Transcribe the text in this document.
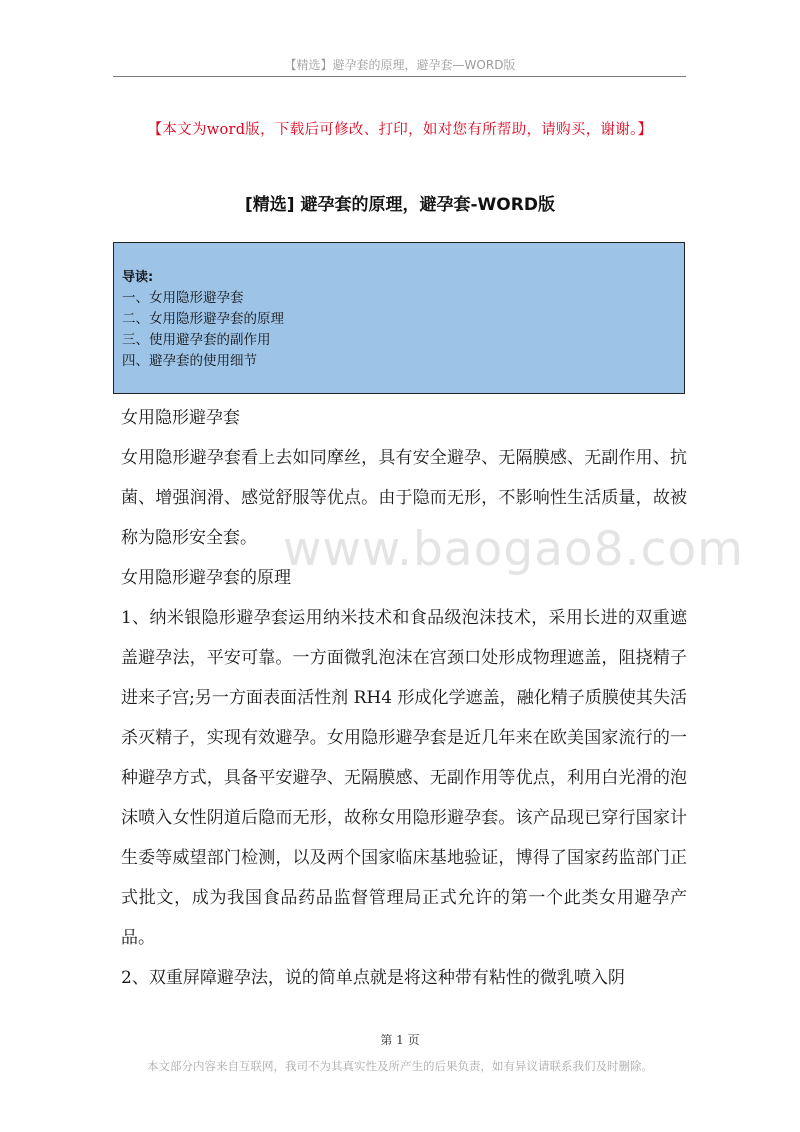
【精选】避孕套的原理，避孕套—WORD版
【本文为word版，下载后可修改、打印，如对您有所帮助，请购买，谢谢。】
[精选] 避孕套的原理，避孕套-WORD版
导读:
一、女用隐形避孕套
二、女用隐形避孕套的原理
三、使用避孕套的副作用
四、避孕套的使用细节
女用隐形避孕套

女用隐形避孕套看上去如同摩丝，具有安全避孕、无隔膜感、无副作用、抗菌、增强润滑、感觉舒服等优点。由于隐而无形，不影响性生活质量，故被称为隐形安全套。

女用隐形避孕套的原理

1、纳米银隐形避孕套运用纳米技术和食品级泡沫技术，采用长进的双重遮盖避孕法，平安可靠。一方面微乳泡沫在宫颈口处形成物理遮盖，阻挠精子进来子宫;另一方面表面活性剂 RH4 形成化学遮盖，融化精子质膜使其失活杀灭精子，实现有效避孕。女用隐形避孕套是近几年来在欧美国家流行的一种避孕方式，具备平安避孕、无隔膜感、无副作用等优点，利用白光滑的泡沫喷入女性阴道后隐而无形，故称女用隐形避孕套。该产品现已穿行国家计生委等威望部门检测，以及两个国家临床基地验证，博得了国家药监部门正式批文，成为我国食品药品监督管理局正式允许的第一个此类女用避孕产品。

2、双重屏障避孕法，说的简单点就是将这种带有粘性的微乳喷入阴

www.baogao8.com
第 1 页
本文部分内容来自互联网，我司不为其真实性及所产生的后果负责，如有异议请联系我们及时删除。
